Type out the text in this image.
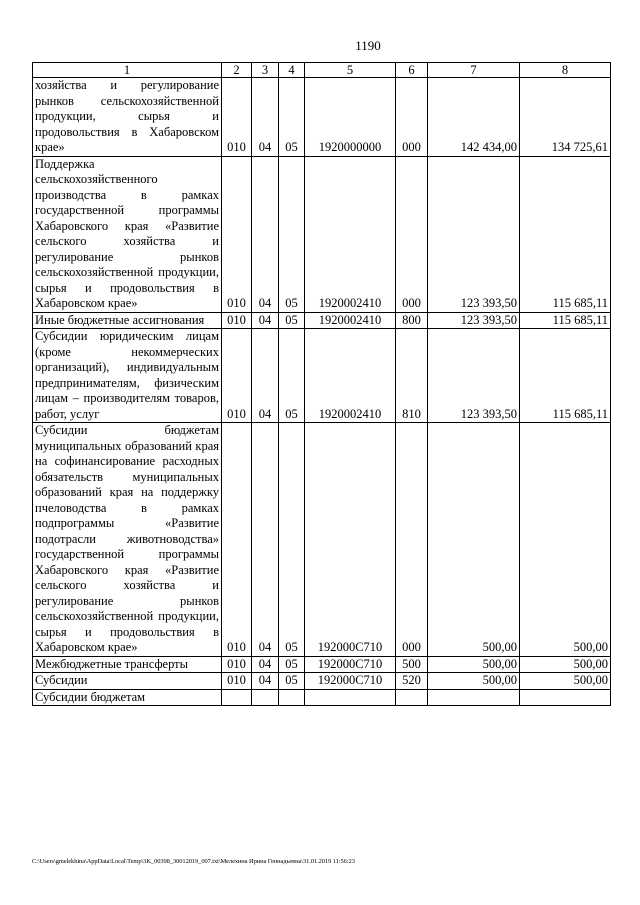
1190
1	2	3	4	5	6	7	8
хозяйства и регулирование рынков сельскохозяйственной продукции, сырья и продовольствия в Хабаровском крае»	010	04	05	1920000000	000	142 434,00	134 725,61
Поддержка сельскохозяйственного производства в рамках государственной программы Хабаровского края «Развитие сельского хозяйства и регулирование рынков сельскохозяйственной продукции, сырья и продовольствия в Хабаровском крае»	010	04	05	1920002410	000	123 393,50	115 685,11
Иные бюджетные ассигнования	010	04	05	1920002410	800	123 393,50	115 685,11
Субсидии юридическим лицам (кроме некоммерческих организаций), индивидуальным предпринимателям, физическим лицам – производителям товаров, работ, услуг	010	04	05	1920002410	810	123 393,50	115 685,11
Субсидии бюджетам муниципальных образований края на софинансирование расходных обязательств муниципальных образований края на поддержку пчеловодства в рамках подпрограммы «Развитие подотрасли животноводства» государственной программы Хабаровского края «Развитие сельского хозяйства и регулирование рынков сельскохозяйственной продукции, сырья и продовольствия в Хабаровском крае»	010	04	05	192000С710	000	500,00	500,00
Межбюджетные трансферты	010	04	05	192000С710	500	500,00	500,00
Субсидии	010	04	05	192000С710	520	500,00	500,00
Субсидии бюджетам							
C:\Users\gmelekhina\AppData\Local\Temp\3K_00398_30012019_007.txt\Мелехина Ирина Геннадьевна\31.01.2019 11:56:23
